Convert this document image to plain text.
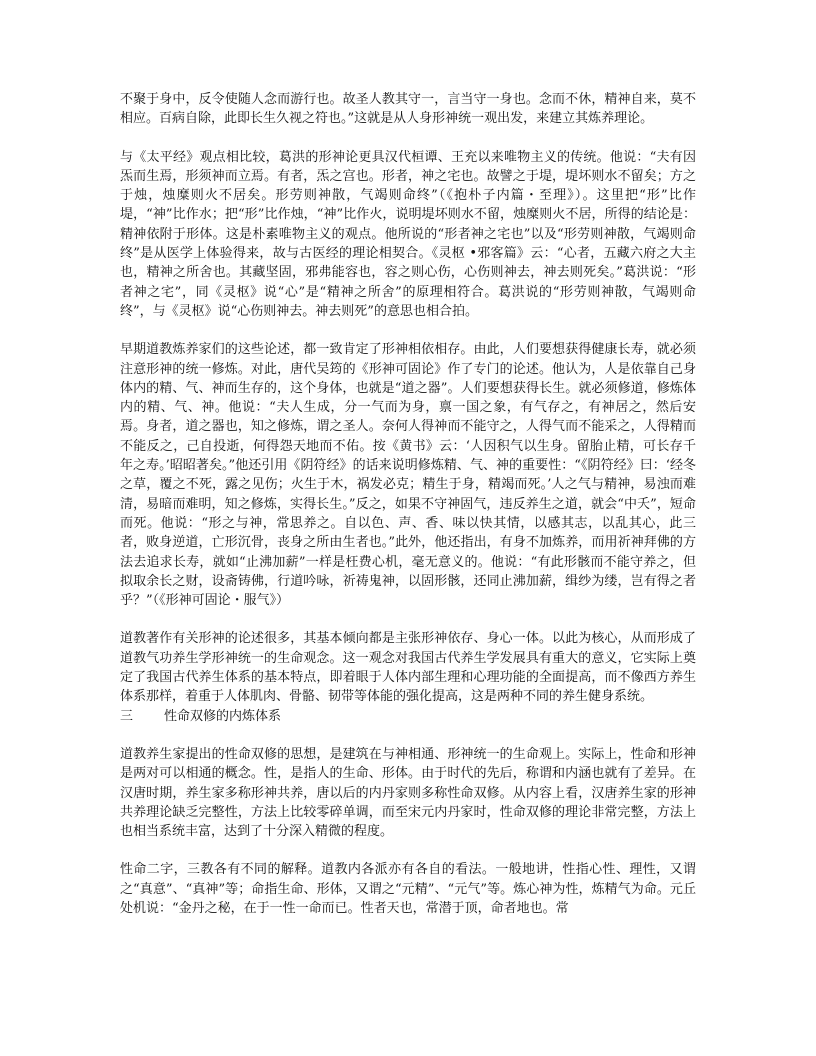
不聚于身中，反令使随人念而游行也。故圣人教其守一，言当守一身也。念而不休，精神自来，莫不相应。百病自除，此即长生久视之符也。”这就是从人身形神统一观出发，来建立其炼养理论。

与《太平经》观点相比较，葛洪的形神论更具汉代桓谭、王充以来唯物主义的传统。他说：“夫有因炁而生焉，形须神而立焉。有者，炁之宫也。形者，神之宅也。故譬之于堤，堤坏则水不留矣；方之于烛，烛糜则火不居矣。形劳则神散，气竭则命终”（《抱朴子内篇・至理》）。这里把“形”比作堤，“神”比作水；把“形”比作烛，“神”比作火，说明堤坏则水不留，烛糜则火不居，所得的结论是：精神依附于形体。这是朴素唯物主义的观点。他所说的“形者神之宅也”以及“形劳则神散，气竭则命终”是从医学上体验得来，故与古医经的理论相契合。《灵枢 •邪客篇》云：“心者，五藏六府之大主也，精神之所舍也。其藏坚固，邪弗能容也，容之则心伤，心伤则神去，神去则死矣。”葛洪说：“形者神之宅”，同《灵枢》说“心”是“精神之所舍”的原理相符合。葛洪说的“形劳则神散，气竭则命终”，与《灵枢》说“心伤则神去。神去则死”的意思也相合拍。

早期道教炼养家们的这些论述，都一致肯定了形神相依相存。由此，人们要想获得健康长寿，就必须注意形神的统一修炼。对此，唐代吴筠的《形神可固论》作了专门的论述。他认为，人是依靠自己身体内的精、气、神而生存的，这个身体，也就是“道之器”。人们要想获得长生。就必须修道，修炼体内的精、气、神。他说：“夫人生成，分一气而为身，禀一国之象，有气存之，有神居之，然后安焉。身者，道之器也，知之修炼，谓之圣人。奈何人得神而不能守之，人得气而不能采之，人得精而不能反之，己自投逝，何得怨天地而不佑。按《黄书》云：‘人因积气以生身。留胎止精，可长存千年之寿。’昭昭著矣。”他还引用《阴符经》的话来说明修炼精、气、神的重要性：“《阴符经》曰：‘经冬之草，覆之不死，露之见伤；火生于木，祸发必克；精生于身，精竭而死。’人之气与精神，易浊而难清，易暗而难明，知之修炼，实得长生。”反之，如果不守神固气，违反养生之道，就会“中夭”，短命而死。他说：“形之与神，常思养之。自以色、声、香、味以快其情，以感其志，以乱其心，此三者，败身逆道，亡形沉骨，丧身之所由生者也。”此外，他还指出，有身不加炼养，而用祈神拜佛的方法去追求长寿，就如“止沸加薪”一样是枉费心机，毫无意义的。他说：“有此形骸而不能守养之，但拟取余长之财，设斋铸佛，行道吟咏，祈祷鬼神，以固形骸，还同止沸加薪，缉纱为缕，岂有得之者乎？”（《形神可固论・服气》）

道教著作有关形神的论述很多，其基本倾向都是主张形神依存、身心一体。以此为核心，从而形成了道教气功养生学形神统一的生命观念。这一观念对我国古代养生学发展具有重大的意义，它实际上奠定了我国古代养生体系的基本特点，即着眼于人体内部生理和心理功能的全面提高，而不像西方养生体系那样，着重于人体肌肉、骨骼、韧带等体能的强化提高，这是两种不同的养生健身系统。

三 性命双修的内炼体系

道教养生家提出的性命双修的思想，是建筑在与神相通、形神统一的生命观上。实际上，性命和形神是两对可以相通的概念。性，是指人的生命、形体。由于时代的先后，称谓和内涵也就有了差异。在汉唐时期，养生家多称形神共养，唐以后的内丹家则多称性命双修。从内容上看，汉唐养生家的形神共养理论缺乏完整性，方法上比较零碎单调，而至宋元内丹家时，性命双修的理论非常完整，方法上也相当系统丰富，达到了十分深入精微的程度。

性命二字，三教各有不同的解释。道教内各派亦有各自的看法。一般地讲，性指心性、理性，又谓之“真意”、“真神”等；命指生命、形体，又谓之“元精”、“元气”等。炼心神为性，炼精气为命。元丘处机说：“金丹之秘，在于一性一命而已。性者天也，常潜于顶，命者地也。常
